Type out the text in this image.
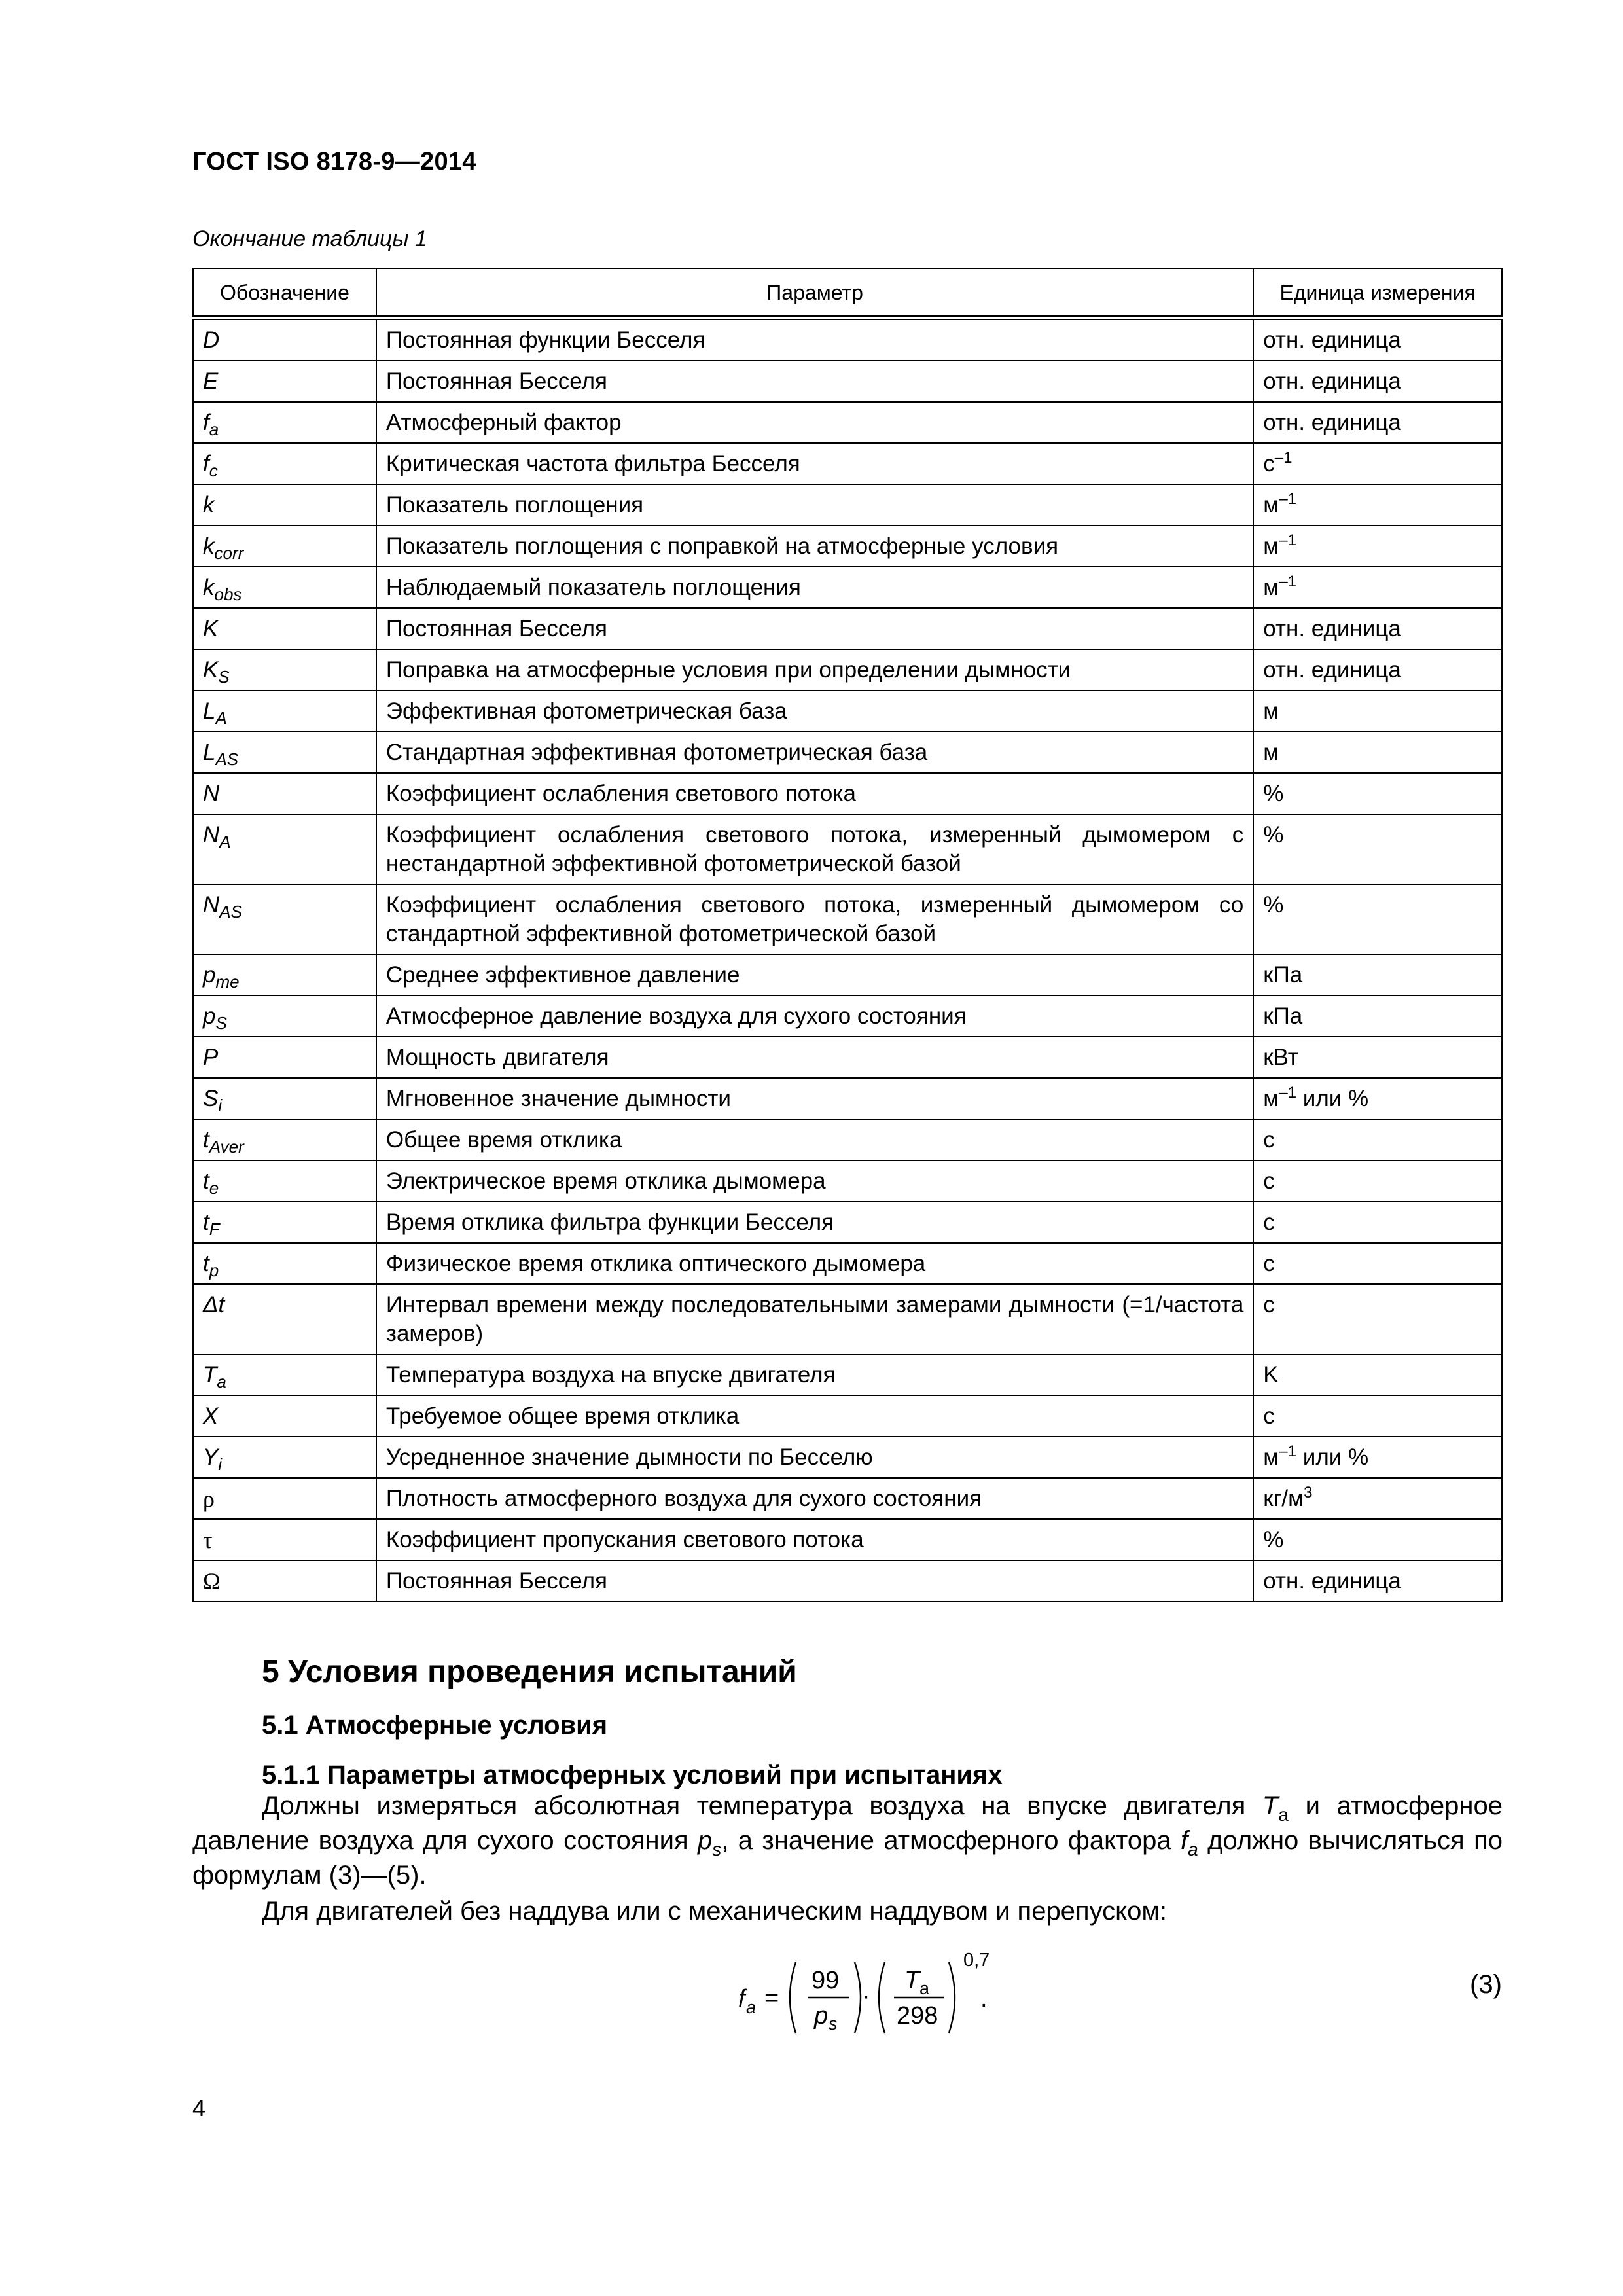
ГОСТ ISO 8178-9—2014
Окончание таблицы 1
Обозначение	Параметр	Единица измерения
D	Постоянная функции Бесселя	отн. единица
E	Постоянная Бесселя	отн. единица
$f_a$	Атмосферный фактор	отн. единица
$f_c$	Критическая частота фильтра Бесселя	$с^{-1}$
k	Показатель поглощения	$м^{-1}$
$k_{corr}$	Показатель поглощения с поправкой на атмосферные условия	$м^{-1}$
$k_{obs}$	Наблюдаемый показатель поглощения	$м^{-1}$
K	Постоянная Бесселя	отн. единица
$K_S$	Поправка на атмосферные условия при определении дымности	отн. единица
$L_A$	Эффективная фотометрическая база	м
$L_{AS}$	Стандартная эффективная фотометрическая база	м
N	Коэффициент ослабления светового потока	%
$N_A$	Коэффициент ослабления светового потока, измеренный дымомером с нестандартной эффективной фотометрической базой	%
$N_{AS}$	Коэффициент ослабления светового потока, измеренный дымомером со стандартной эффективной фотометрической базой	%
$p_{me}$	Среднее эффективное давление	кПа
$p_S$	Атмосферное давление воздуха для сухого состояния	кПа
P	Мощность двигателя	кВт
$S_i$	Мгновенное значение дымности	$м^{-1}$ или %
$t_{Aver}$	Общее время отклика	с
$t_e$	Электрическое время отклика дымомера	с
$t_F$	Время отклика фильтра функции Бесселя	с
$t_p$	Физическое время отклика оптического дымомера	с
Δt	Интервал времени между последовательными замерами дымности (=1/частота замеров)	с
$T_a$	Температура воздуха на впуске двигателя	K
X	Требуемое общее время отклика	с
$Y_i$	Усредненное значение дымности по Бесселю	$м^{-1}$ или %
ρ	Плотность атмосферного воздуха для сухого состояния	$кг/м^3$
τ	Коэффициент пропускания светового потока	%
Ω	Постоянная Бесселя	отн. единица
5 Условия проведения испытаний
5.1 Атмосферные условия
5.1.1 Параметры атмосферных условий при испытаниях

Должны измеряться абсолютная температура воздуха на впуске двигателя $T_a$ и атмосферное давление воздуха для сухого состояния $p_s$, а значение атмосферного фактора $f_a$ должно вычисляться по формулам (3)—(5).

Для двигателей без наддува или с механическим наддувом и перепуском:

f a =
99
p s
·
T a
298
0,7
.	(3)
4
